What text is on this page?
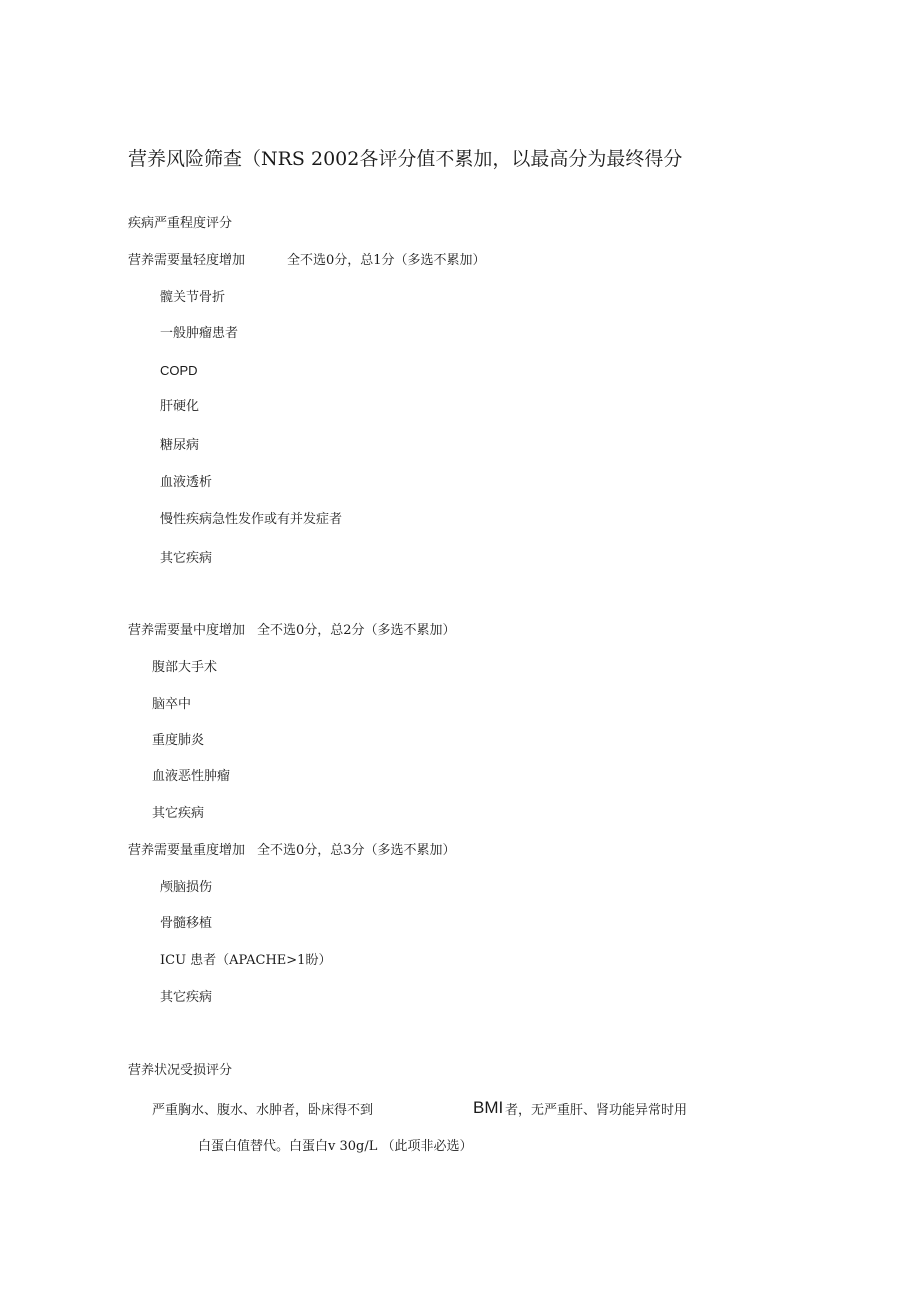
营养风险筛查（NRS 2002各评分值不累加，以最高分为最终得分
疾病严重程度评分
营养需要量轻度增加	全不选0分，总1分（多选不累加）
髋关节骨折
一般肿瘤患者
COPD
肝硬化
糖尿病
血液透析
慢性疾病急性发作或有并发症者
其它疾病
营养需要量中度增加 全不选0分，总2分（多选不累加）
腹部大手术
脑卒中
重度肺炎
血液恶性肿瘤
其它疾病
营养需要量重度增加 全不选0分，总3分（多选不累加）
颅脑损伤
骨髓移植
ICU 患者（APACHE>1盼）
其它疾病
营养状况受损评分
严重胸水、腹水、水肿者，卧床得不到	BMI 者，无严重肝、肾功能异常时用
白蛋白值替代。白蛋白v 30g/L （此项非必选）
